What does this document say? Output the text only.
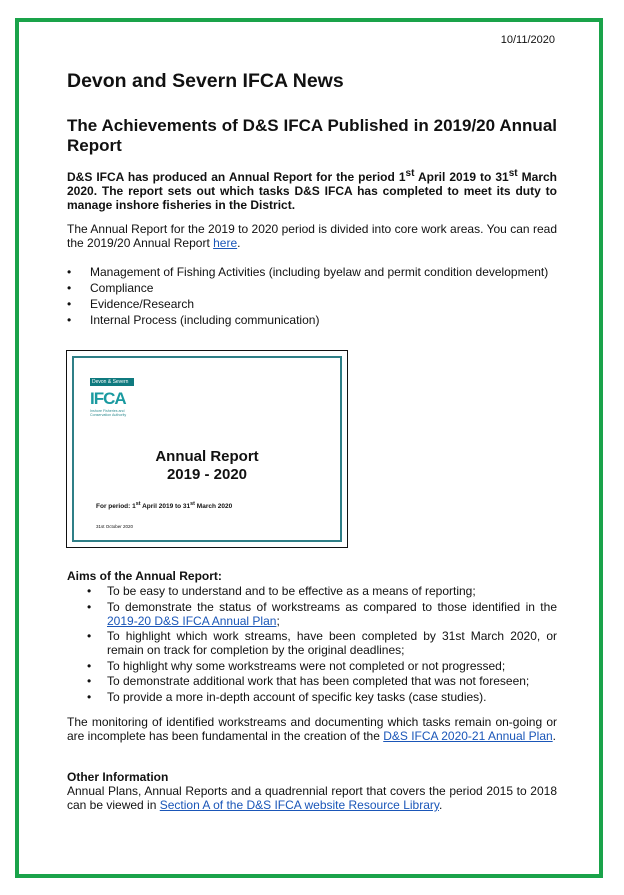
10/11/2020
Devon and Severn IFCA News
The Achievements of D&S IFCA Published in 2019/20 Annual Report

D&S IFCA has produced an Annual Report for the period 1st April 2019 to 31st March 2020. The report sets out which tasks D&S IFCA has completed to meet its duty to manage inshore fisheries in the District.

The Annual Report for the 2019 to 2020 period is divided into core work areas. You can read the 2019/20 Annual Report here.

• Management of Fishing Activities (including byelaw and permit condition development)
• Compliance
• Evidence/Research
• Internal Process (including communication)
Devon & Severn
IFCA
Inshore Fisheries and
Conservation Authority
Annual Report
2019 - 2020
For period: 1st April 2019 to 31st March 2020
31st October 2020
Aims of the Annual Report:
• To be easy to understand and to be effective as a means of reporting;
• To demonstrate the status of workstreams as compared to those identified in the 2019-20 D&S IFCA Annual Plan;
• To highlight which work streams, have been completed by 31st March 2020, or remain on track for completion by the original deadlines;
• To highlight why some workstreams were not completed or not progressed;
• To demonstrate additional work that has been completed that was not foreseen;
• To provide a more in-depth account of specific key tasks (case studies).

The monitoring of identified workstreams and documenting which tasks remain on-going or are incomplete has been fundamental in the creation of the D&S IFCA 2020-21 Annual Plan.

Other Information

Annual Plans, Annual Reports and a quadrennial report that covers the period 2015 to 2018 can be viewed in Section A of the D&S IFCA website Resource Library.
